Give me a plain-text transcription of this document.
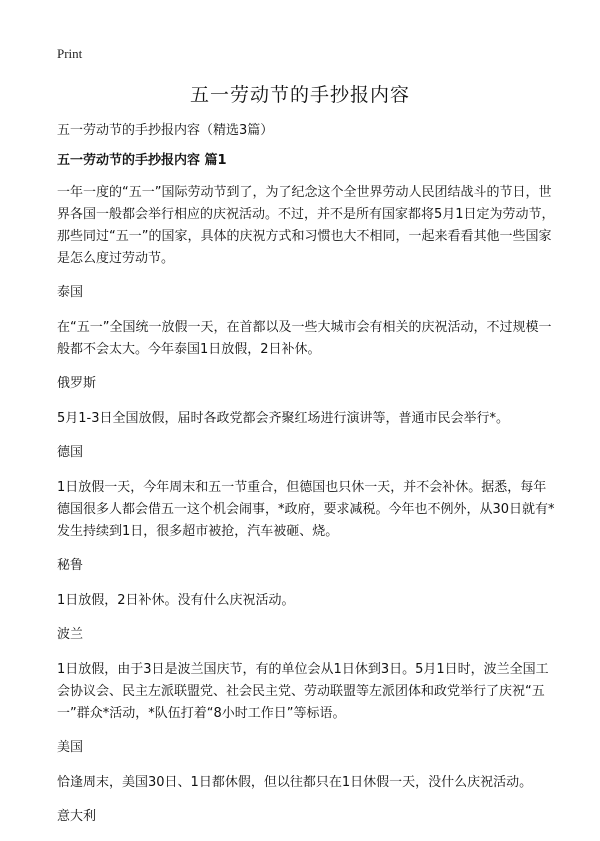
Print
五一劳动节的手抄报内容

五一劳动节的手抄报内容（精选3篇）

五一劳动节的手抄报内容 篇1

一年一度的“五一”国际劳动节到了，为了纪念这个全世界劳动人民团结战斗的节日，世界各国一般都会举行相应的庆祝活动。不过，并不是所有国家都将5月1日定为劳动节，那些同过“五一”的国家，具体的庆祝方式和习惯也大不相同，一起来看看其他一些国家是怎么度过劳动节。

泰国

在“五一”全国统一放假一天，在首都以及一些大城市会有相关的庆祝活动，不过规模一般都不会太大。今年泰国1日放假，2日补休。

俄罗斯

5月1-3日全国放假，届时各政党都会齐聚红场进行演讲等，普通市民会举行*。

德国

1日放假一天，今年周末和五一节重合，但德国也只休一天，并不会补休。据悉，每年德国很多人都会借五一这个机会闹事，*政府，要求减税。今年也不例外，从30日就有*发生持续到1日，很多超市被抢，汽车被砸、烧。

秘鲁

1日放假，2日补休。没有什么庆祝活动。

波兰

1日放假，由于3日是波兰国庆节，有的单位会从1日休到3日。5月1日时，波兰全国工会协议会、民主左派联盟党、社会民主党、劳动联盟等左派团体和政党举行了庆祝“五一”群众*活动，*队伍打着“8小时工作日”等标语。

美国

恰逢周末，美国30日、1日都休假，但以往都只在1日休假一天，没什么庆祝活动。

意大利
